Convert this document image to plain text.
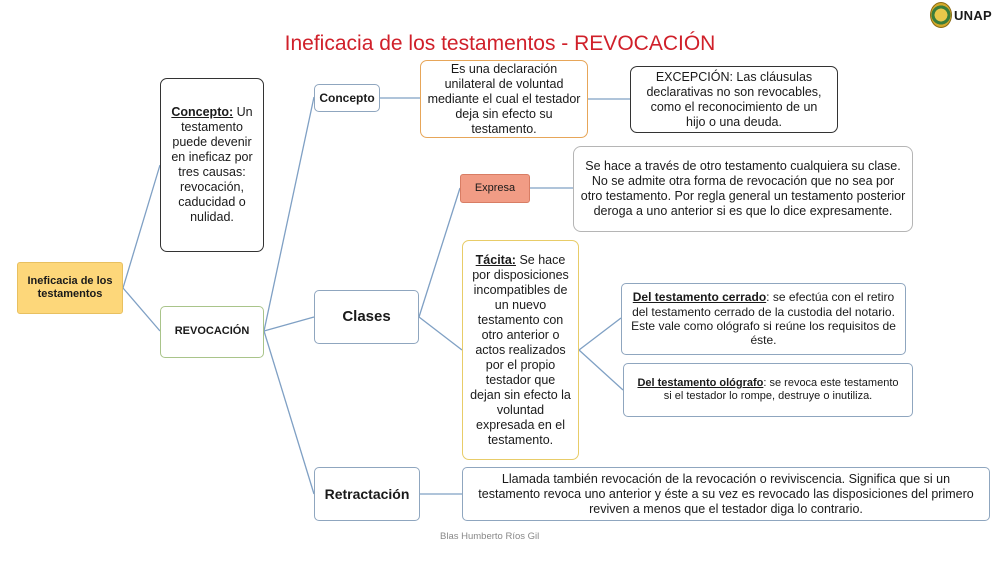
Ineficacia de los testamentos - REVOCACIÓN
UNAP
Ineficacia de los testamentos
Concepto: Un testamento puede devenir en ineficaz por tres causas: revocación, caducidad o nulidad.
REVOCACIÓN
Concepto
Es una declaración unilateral de voluntad mediante el cual el testador deja sin efecto su testamento.
EXCEPCIÓN: Las cláusulas declarativas no son revocables, como el reconocimiento de un hijo o una deuda.
Clases
Expresa
Se hace a través de otro testamento cualquiera su clase. No se admite otra forma de revocación que no sea por otro testamento. Por regla general un testamento posterior deroga a uno anterior si es que lo dice expresamente.
Tácita: Se hace por disposiciones incompatibles de un nuevo testamento con otro anterior o actos realizados por el propio testador que dejan sin efecto la voluntad expresada en el testamento.
Del testamento cerrado: se efectúa con el retiro del testamento cerrado de la custodia del notario. Este vale como ológrafo si reúne los requisitos de éste.
Del testamento ológrafo: se revoca este testamento si el testador lo rompe, destruye o inutiliza.
Retractación
Llamada también revocación de la revocación o reviviscencia. Significa que si un testamento revoca uno anterior y éste a su vez es revocado las disposiciones del primero reviven a menos que el testador diga lo contrario.
Blas Humberto Ríos Gil
